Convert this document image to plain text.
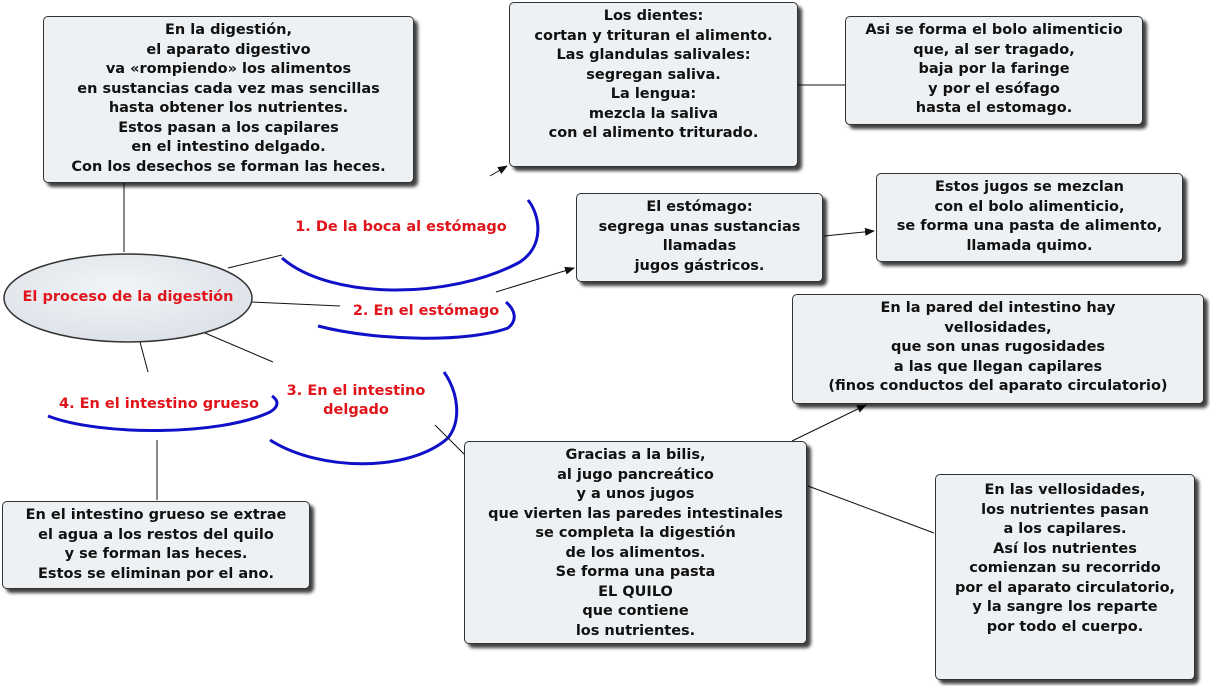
El proceso de la digestión
1. De la boca al estómago
2. En el estómago
3. En el intestino
delgado
4. En el intestino grueso
En la digestión,
el aparato digestivo
va «rompiendo» los alimentos
en sustancias cada vez mas sencillas
hasta obtener los nutrientes.
Estos pasan a los capilares
en el intestino delgado.
Con los desechos se forman las heces.
Los dientes:
cortan y trituran el alimento.
Las glandulas salivales:
segregan saliva.
La lengua:
mezcla la saliva
con el alimento triturado.
Asi se forma el bolo alimenticio
que, al ser tragado,
baja por la faringe
y por el esófago
hasta el estomago.
El estómago:
segrega unas sustancias
llamadas
jugos gástricos.
Estos jugos se mezclan
con el bolo alimenticio,
se forma una pasta de alimento,
llamada quimo.
En la pared del intestino hay
vellosidades,
que son unas rugosidades
a las que llegan capilares
(finos conductos del aparato circulatorio)
Gracias a la bilis,
al jugo pancreático
y a unos jugos
que vierten las paredes intestinales
se completa la digestión
de los alimentos.
Se forma una pasta
EL QUILO
que contiene
los nutrientes.
En las vellosidades,
los nutrientes pasan
a los capilares.
Así los nutrientes
comienzan su recorrido
por el aparato circulatorio,
y la sangre los reparte
por todo el cuerpo.
En el intestino grueso se extrae
el agua a los restos del quilo
y se forman las heces.
Estos se eliminan por el ano.
